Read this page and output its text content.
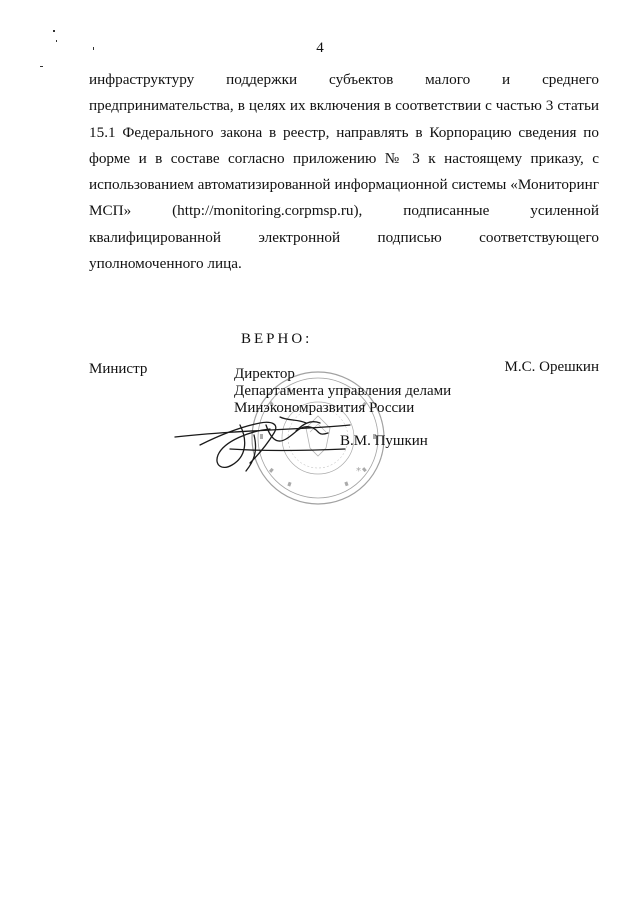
4

инфраструктуру поддержки субъектов малого и среднего предпринимательства, в целях их включения в соответствии с частью 3 статьи 15.1 Федерального закона в реестр, направлять в Корпорацию сведения по форме и в составе согласно приложению № 3 к настоящему приказу, с использованием автоматизированной информационной системы «Мониторинг МСП» (http://monitoring.corpmsp.ru), подписанные усиленной квалифицированной электронной подписью соответствующего уполномоченного лица.

ВЕРНО:
Министр	М.С. Орешкин
*
Директор
Департамента управления делами
Минэкономразвития России
В.М. Пушкин
